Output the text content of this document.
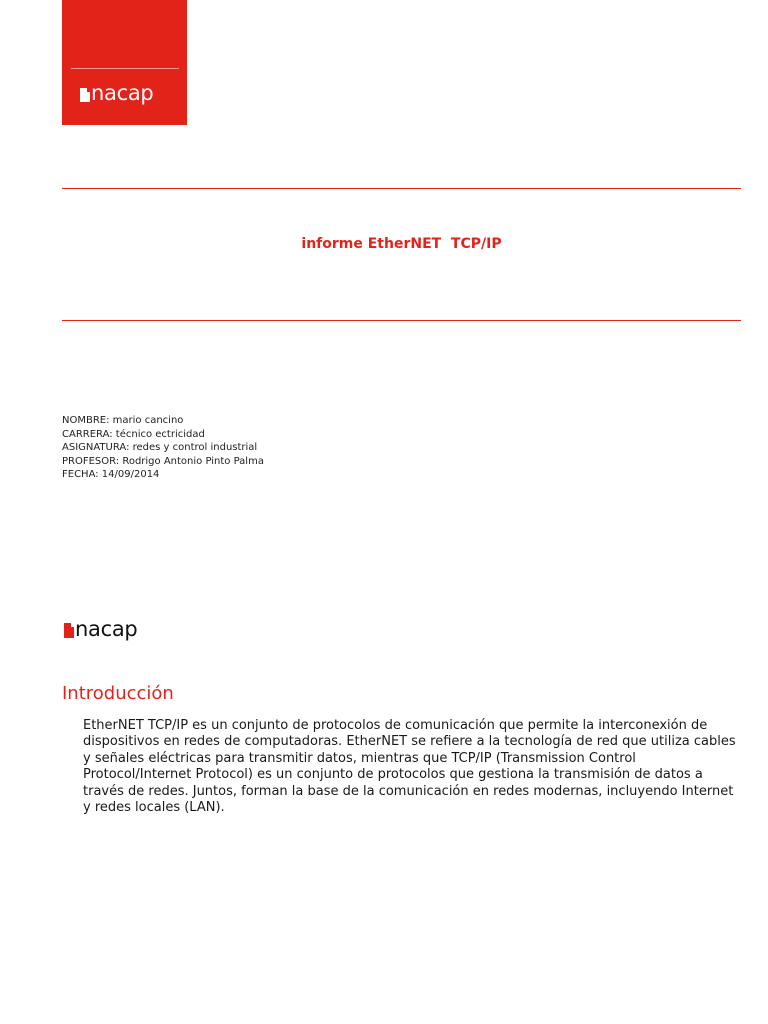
nacap
informe EtherNET  TCP/IP
NOMBRE: mario cancino
CARRERA: técnico ectricidad
ASIGNATURA: redes y control industrial
PROFESOR: Rodrigo Antonio Pinto Palma
FECHA: 14/09/2014
nacap
Introducción
EtherNET TCP/IP es un conjunto de protocolos de comunicación que permite la interconexión de dispositivos en redes de computadoras. EtherNET se refiere a la tecnología de red que utiliza cables y señales eléctricas para transmitir datos, mientras que TCP/IP (Transmission Control Protocol/Internet Protocol) es un conjunto de protocolos que gestiona la transmisión de datos a través de redes. Juntos, forman la base de la comunicación en redes modernas, incluyendo Internet y redes locales (LAN).
